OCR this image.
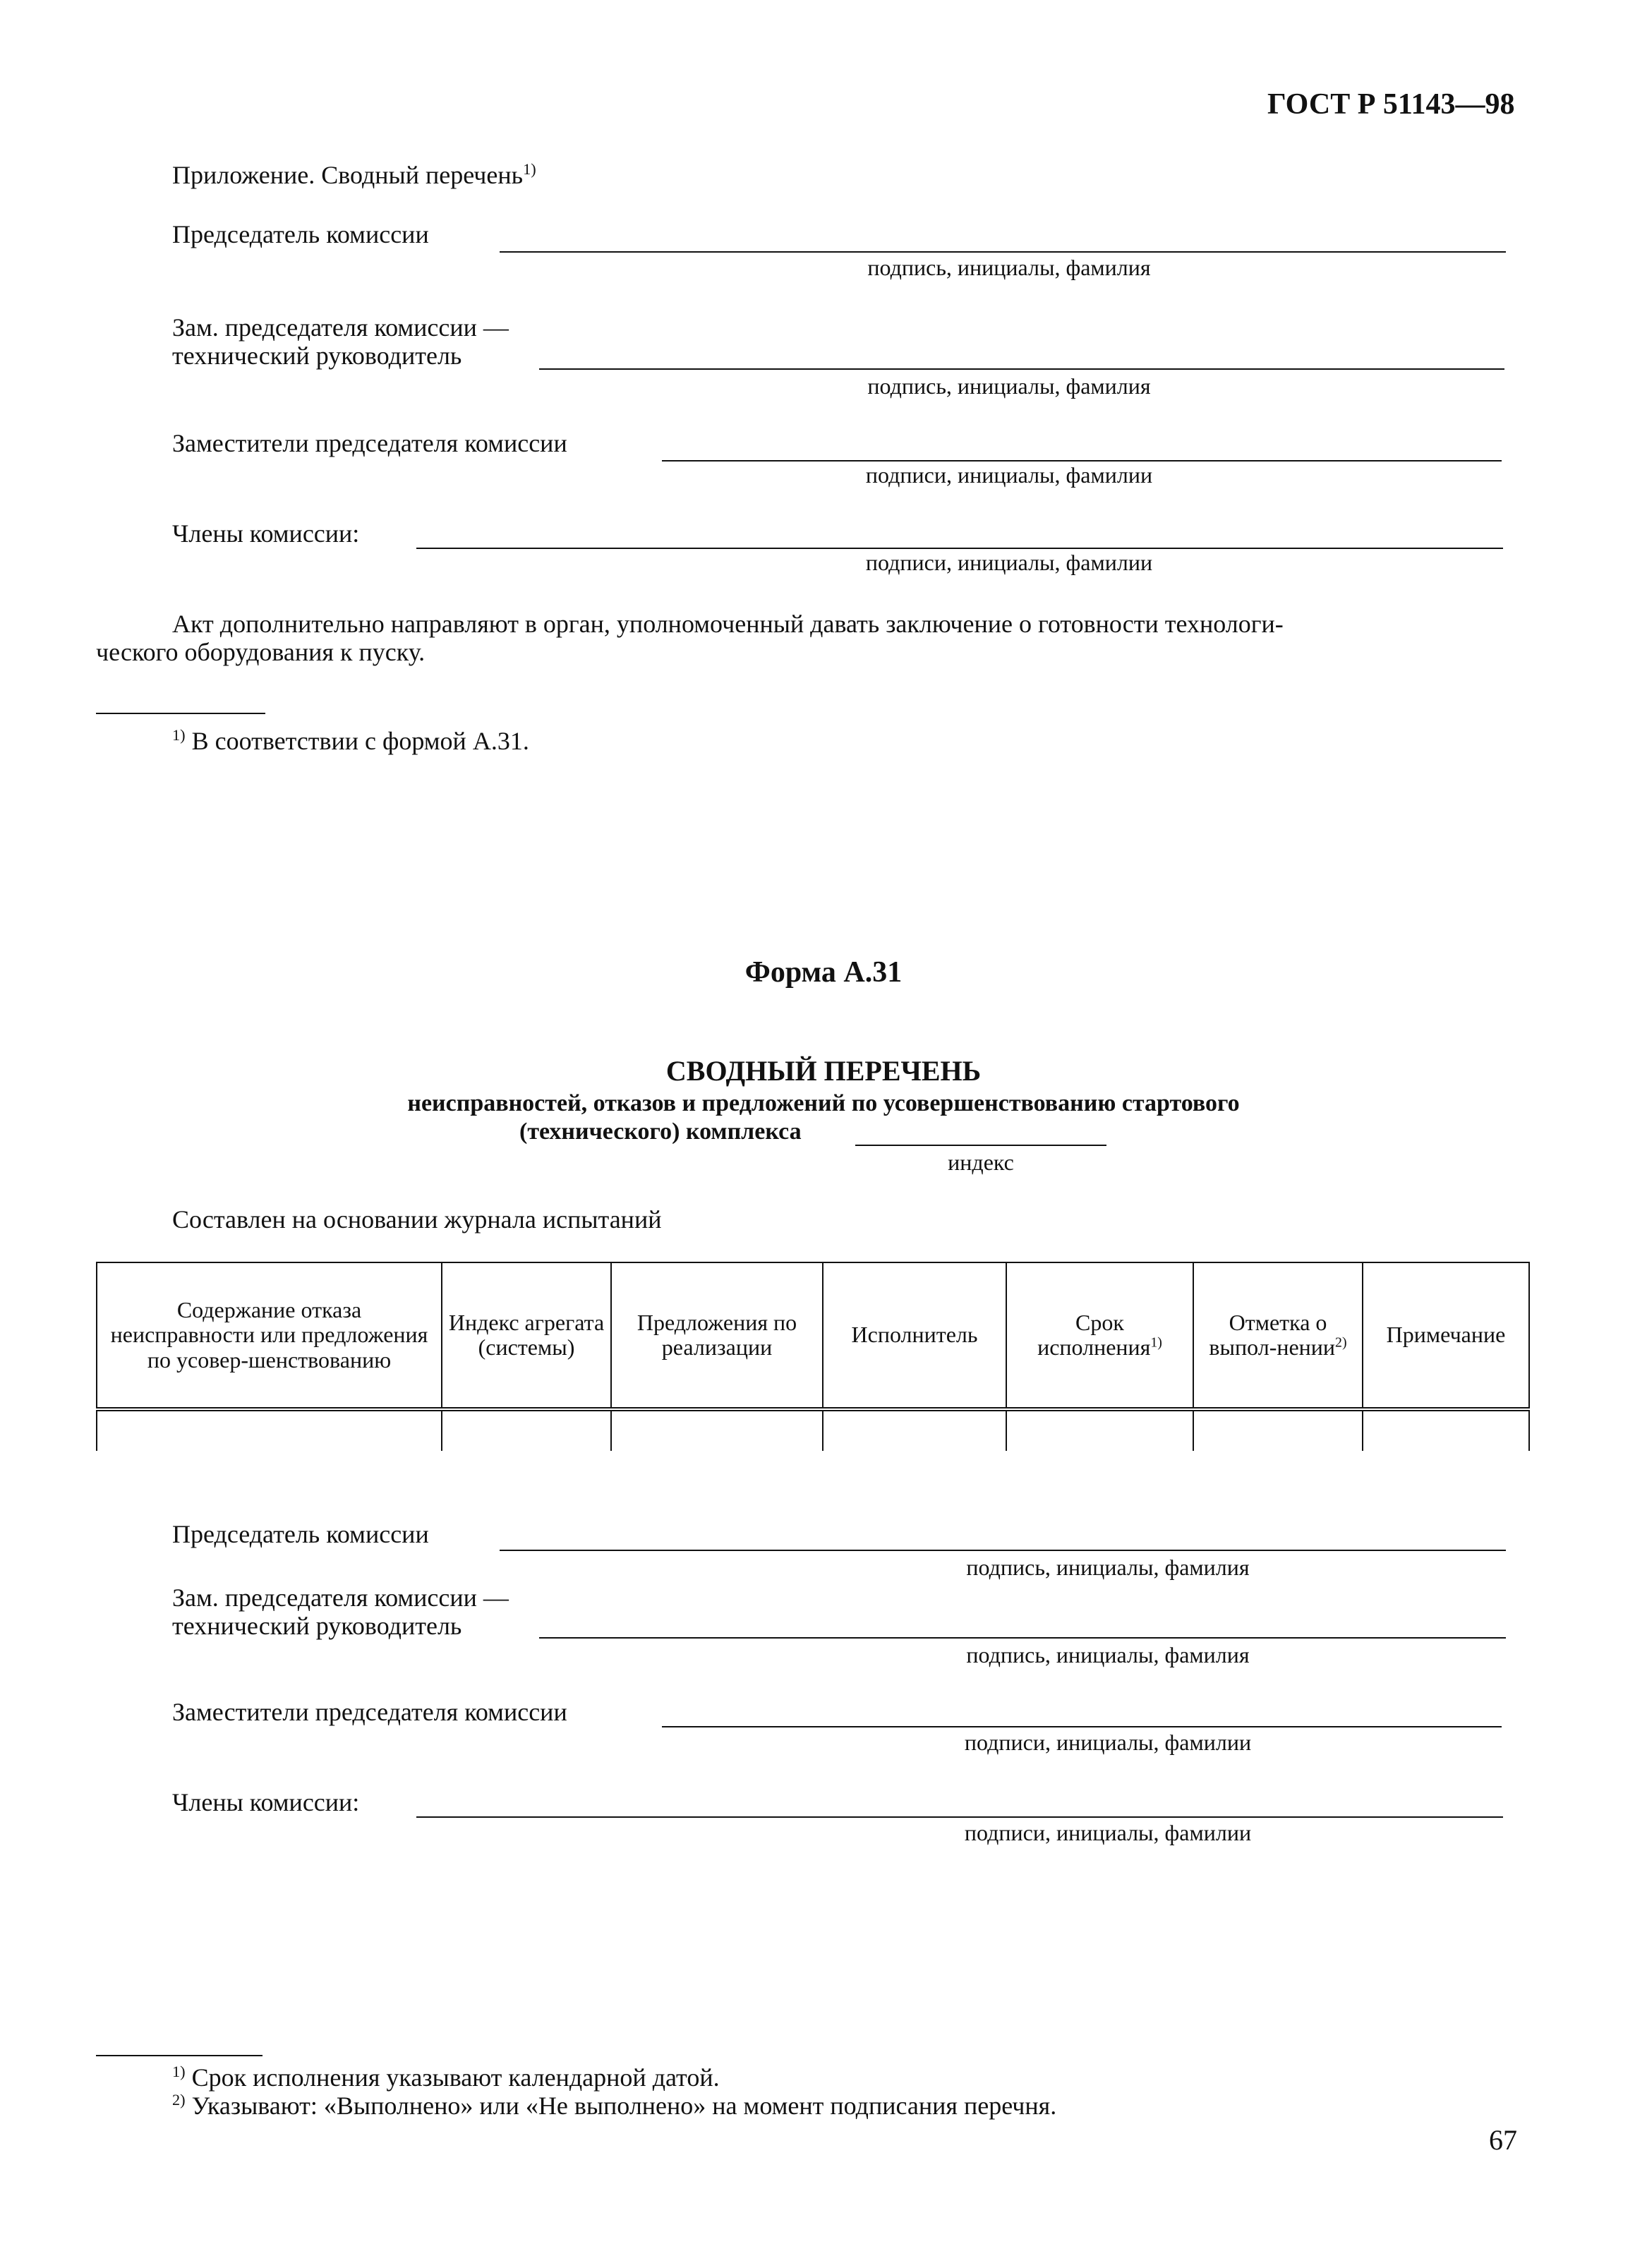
ГОСТ Р 51143—98
Приложение. Сводный перечень$^{1)}$
Председатель комиссии
подпись, инициалы, фамилия
Зам. председателя комиссии —
технический руководитель
подпись, инициалы, фамилия
Заместители председателя комиссии
подписи, инициалы, фамилии
Члены комиссии:
подписи, инициалы, фамилии
Акт дополнительно направляют в орган, уполномоченный давать заключение о готовности технологи-
ческого оборудования к пуску.
$^{1)}$ В соответствии с формой А.31.
Форма А.31
СВОДНЫЙ ПЕРЕЧЕНЬ
неисправностей, отказов и предложений по усовершенствованию стартового
(технического) комплекса
индекс
Составлен на основании журнала испытаний
Содержание отказа неисправности или предложения по усовер-шенствованию	Индекс агрегата (системы)	Предложения по реализации	Исполнитель	Срок исполнения$^{1)}$	Отметка о выпол-нении$^{2)}$	Примечание

Председатель комиссии
подпись, инициалы, фамилия
Зам. председателя комиссии —
технический руководитель
подпись, инициалы, фамилия
Заместители председателя комиссии
подписи, инициалы, фамилии
Члены комиссии:
подписи, инициалы, фамилии
$^{1)}$ Срок исполнения указывают календарной датой.
$^{2)}$ Указывают: «Выполнено» или «Не выполнено» на момент подписания перечня.
67
